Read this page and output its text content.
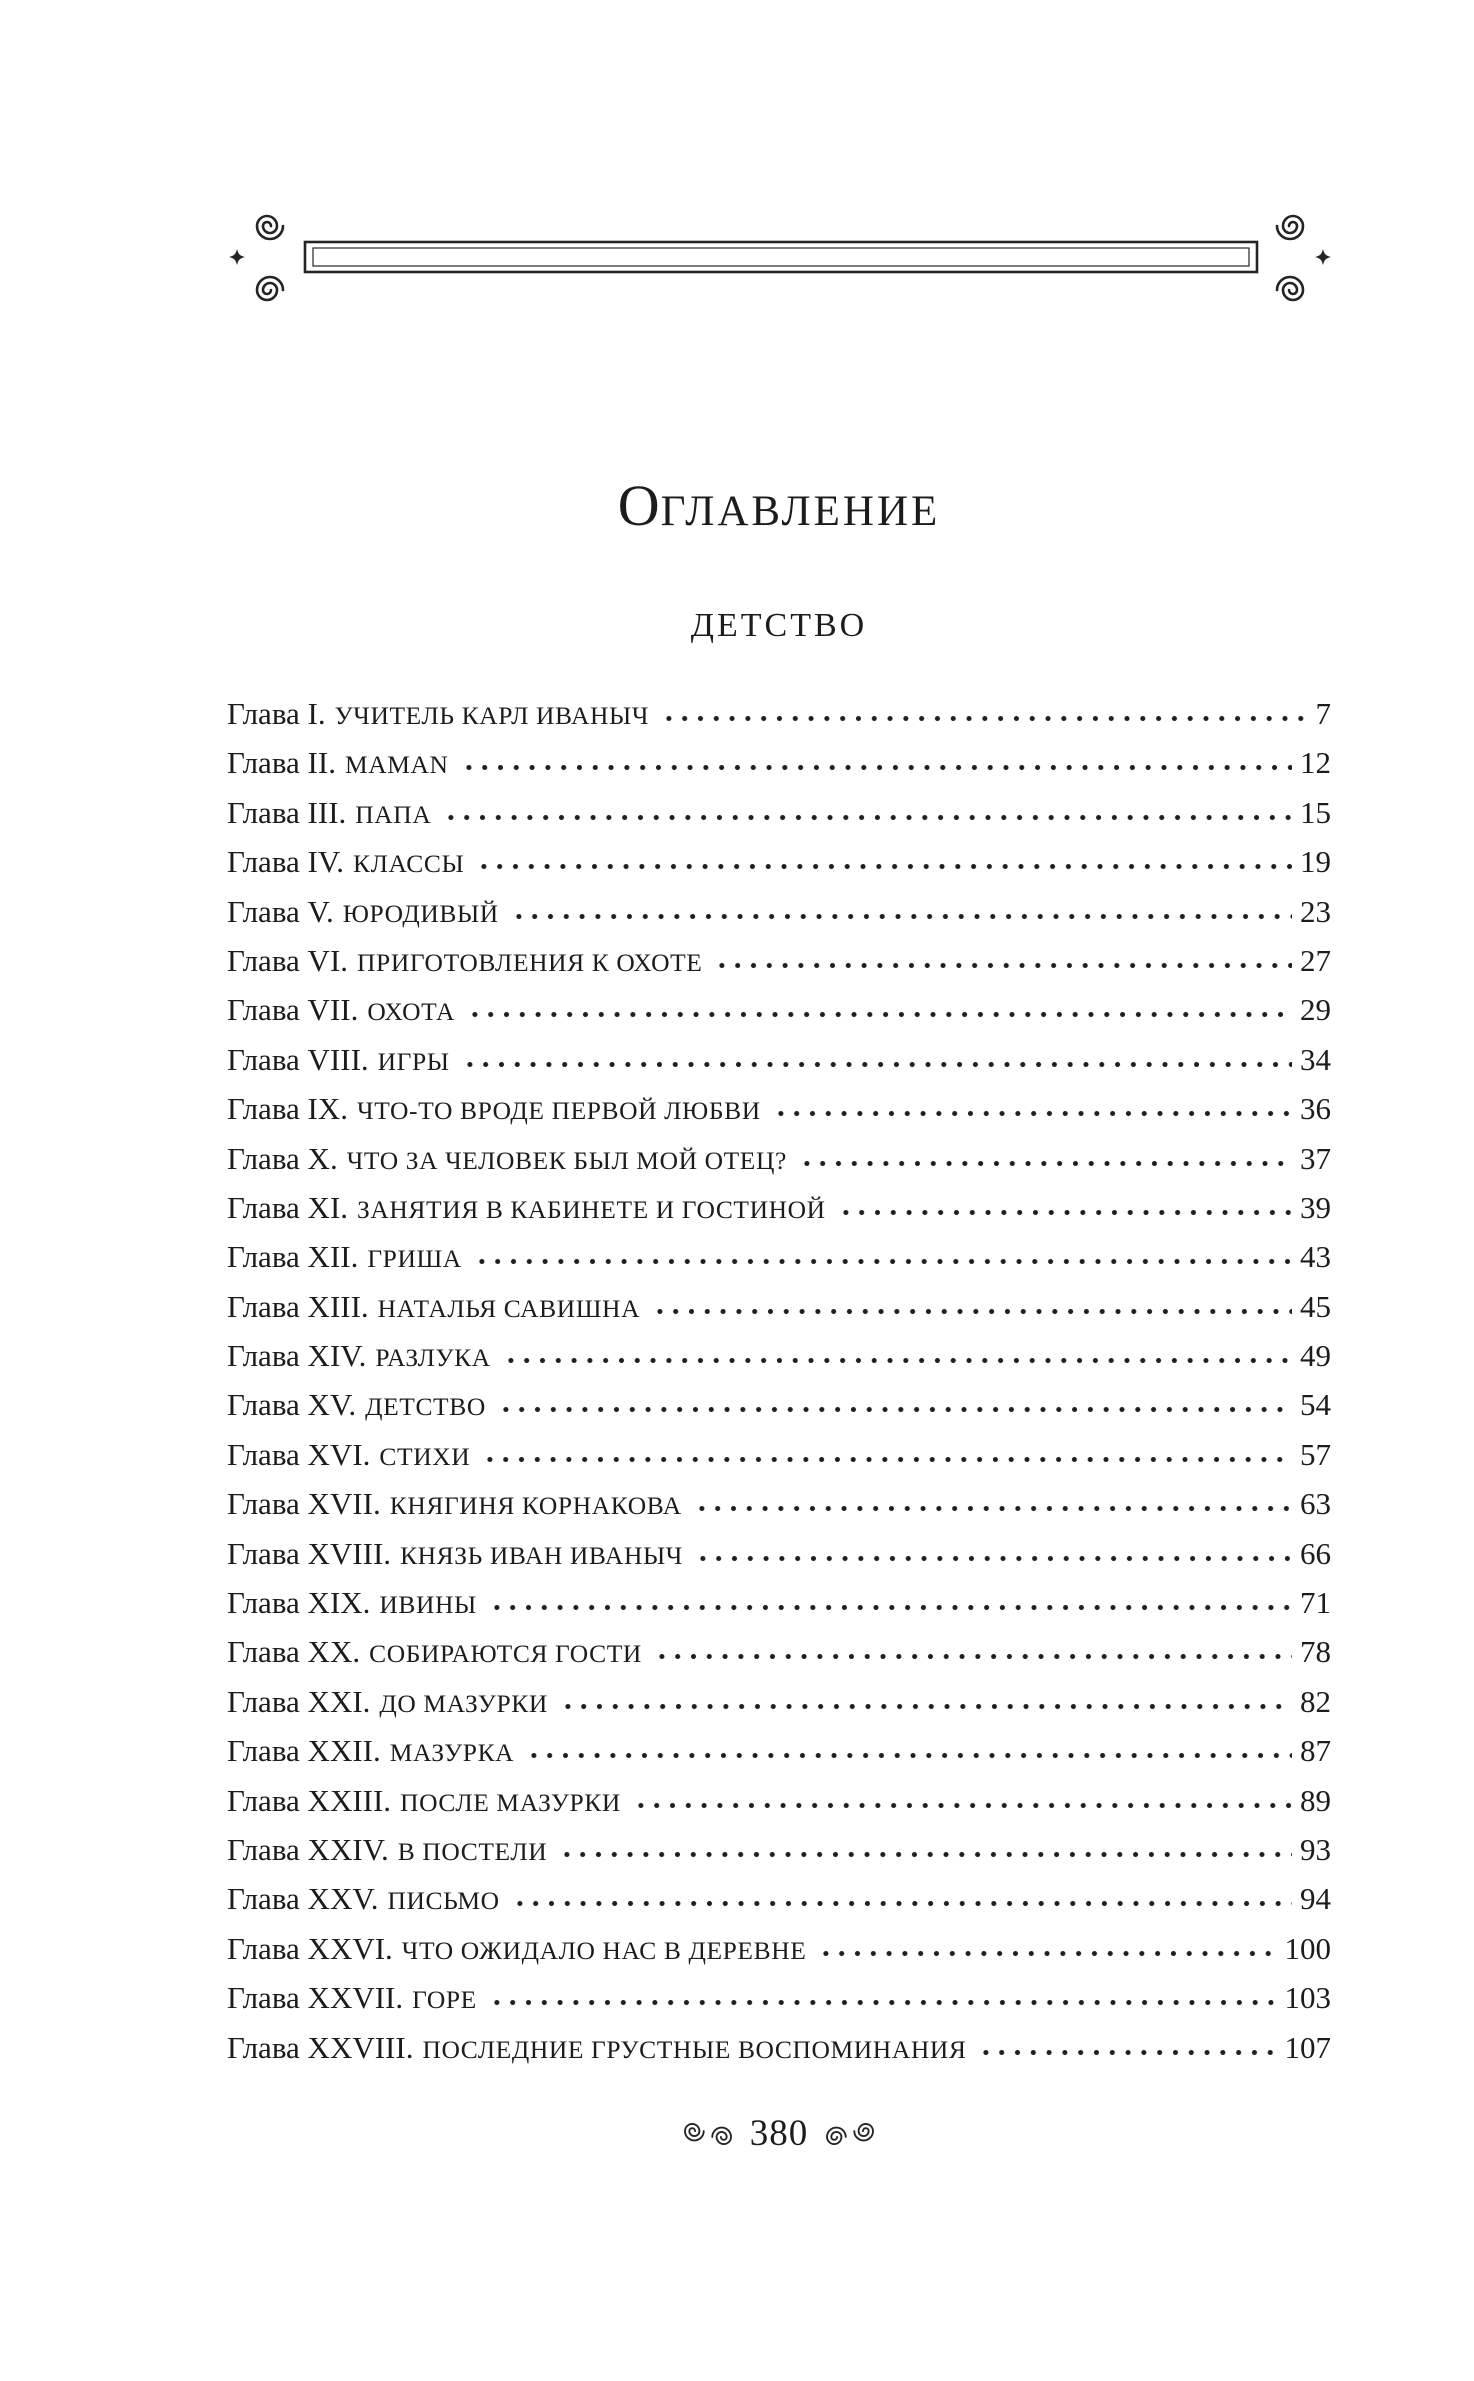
ОГЛАВЛЕНИЕ
ДЕТСТВО
Глава I. УЧИТЕЛЬ КАРЛ ИВАНЫЧ	7
Глава II. MAMAN	12
Глава III. ПАПА	15
Глава IV. КЛАССЫ	19
Глава V. ЮРОДИВЫЙ	23
Глава VI. ПРИГОТОВЛЕНИЯ К ОХОТЕ	27
Глава VII. ОХОТА	29
Глава VIII. ИГРЫ	34
Глава IX. ЧТО-ТО ВРОДЕ ПЕРВОЙ ЛЮБВИ	36
Глава X. ЧТО ЗА ЧЕЛОВЕК БЫЛ МОЙ ОТЕЦ?	37
Глава XI. ЗАНЯТИЯ В КАБИНЕТЕ И ГОСТИНОЙ	39
Глава XII. ГРИША	43
Глава XIII. НАТАЛЬЯ САВИШНА	45
Глава XIV. РАЗЛУКА	49
Глава XV. ДЕТСТВО	54
Глава XVI. СТИХИ	57
Глава XVII. КНЯГИНЯ КОРНАКОВА	63
Глава XVIII. КНЯЗЬ ИВАН ИВАНЫЧ	66
Глава XIX. ИВИНЫ	71
Глава XX. СОБИРАЮТСЯ ГОСТИ	78
Глава XXI. ДО МАЗУРКИ	82
Глава XXII. МАЗУРКА	87
Глава XXIII. ПОСЛЕ МАЗУРКИ	89
Глава XXIV. В ПОСТЕЛИ	93
Глава XXV. ПИСЬМО	94
Глава XXVI. ЧТО ОЖИДАЛО НАС В ДЕРЕВНЕ	100
Глава XXVII. ГОРЕ	103
Глава XXVIII. ПОСЛЕДНИЕ ГРУСТНЫЕ ВОСПОМИНАНИЯ	107
380
